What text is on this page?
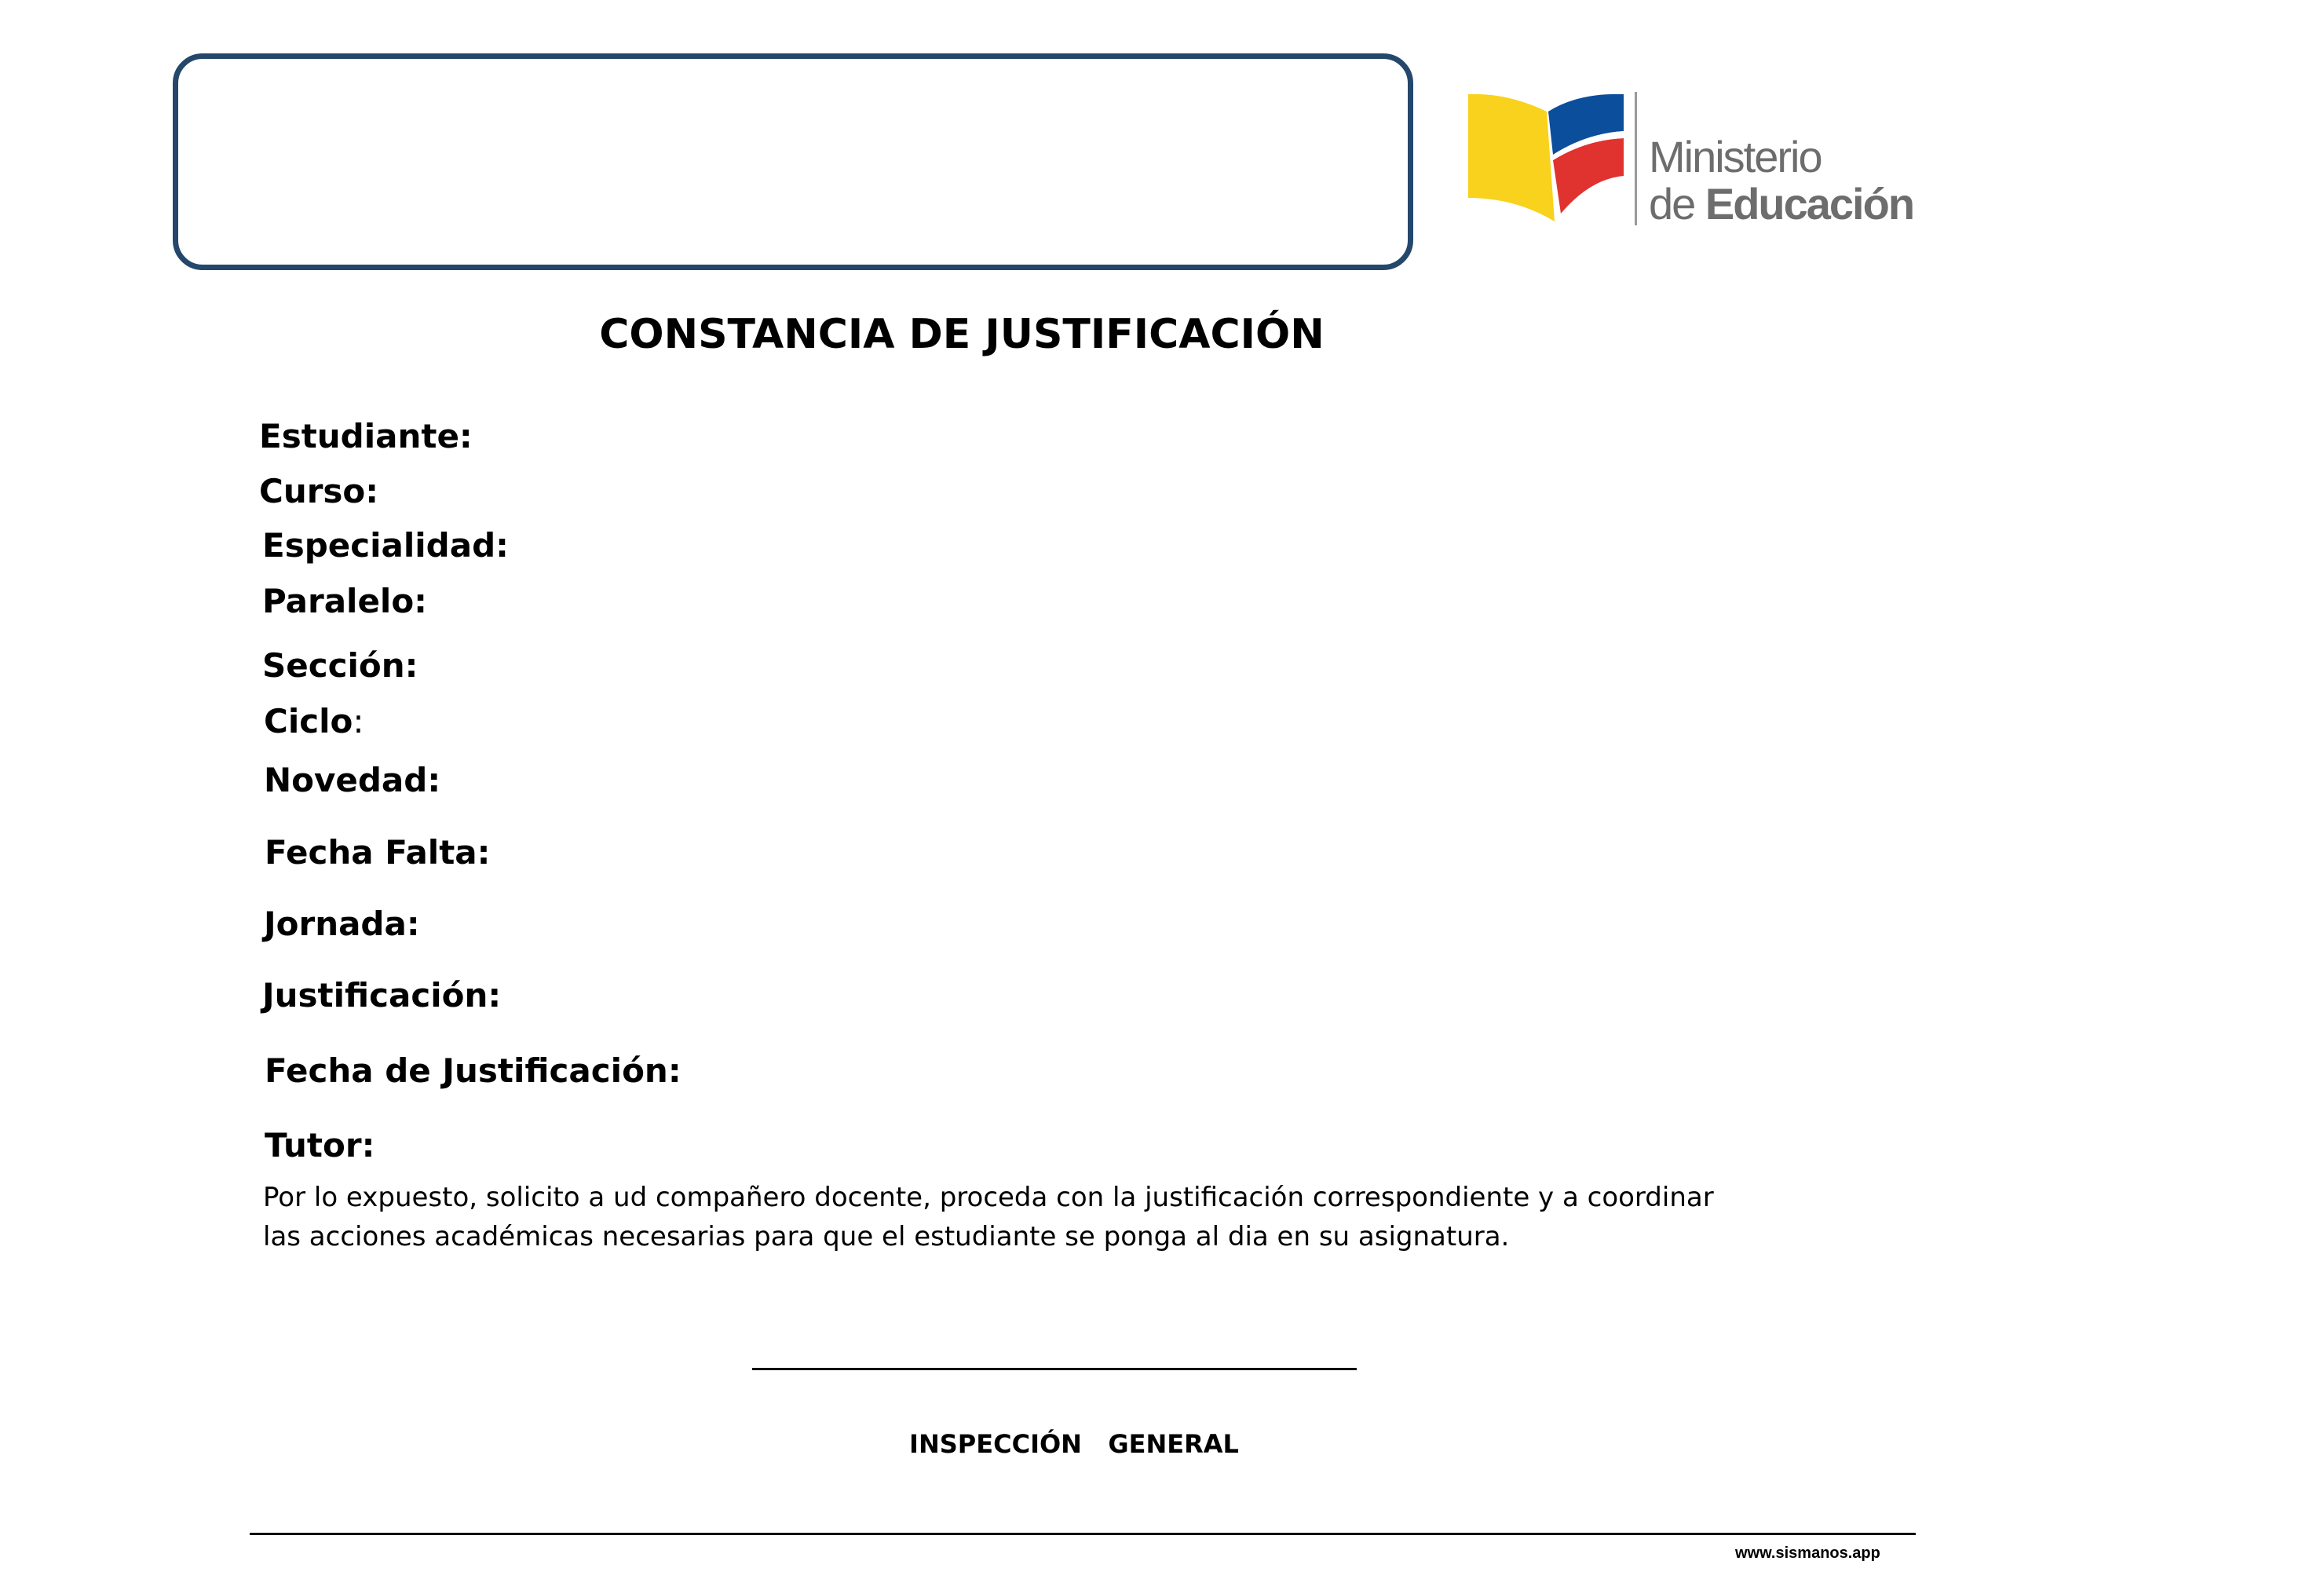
Ministerio
de Educación
CONSTANCIA DE JUSTIFICACIÓN
Estudiante:
Curso:
Especialidad:
Paralelo:
Sección:
Ciclo:
Novedad:
Fecha Falta:
Jornada:
Justificación:
Fecha de Justificación:
Tutor:
Por lo expuesto, solicito a ud compañero docente, proceda con la justificación correspondiente y a coordinar las acciones académicas necesarias para que el estudiante se ponga al dia en su asignatura.
INSPECCIÓN   GENERAL
www.sismanos.app
